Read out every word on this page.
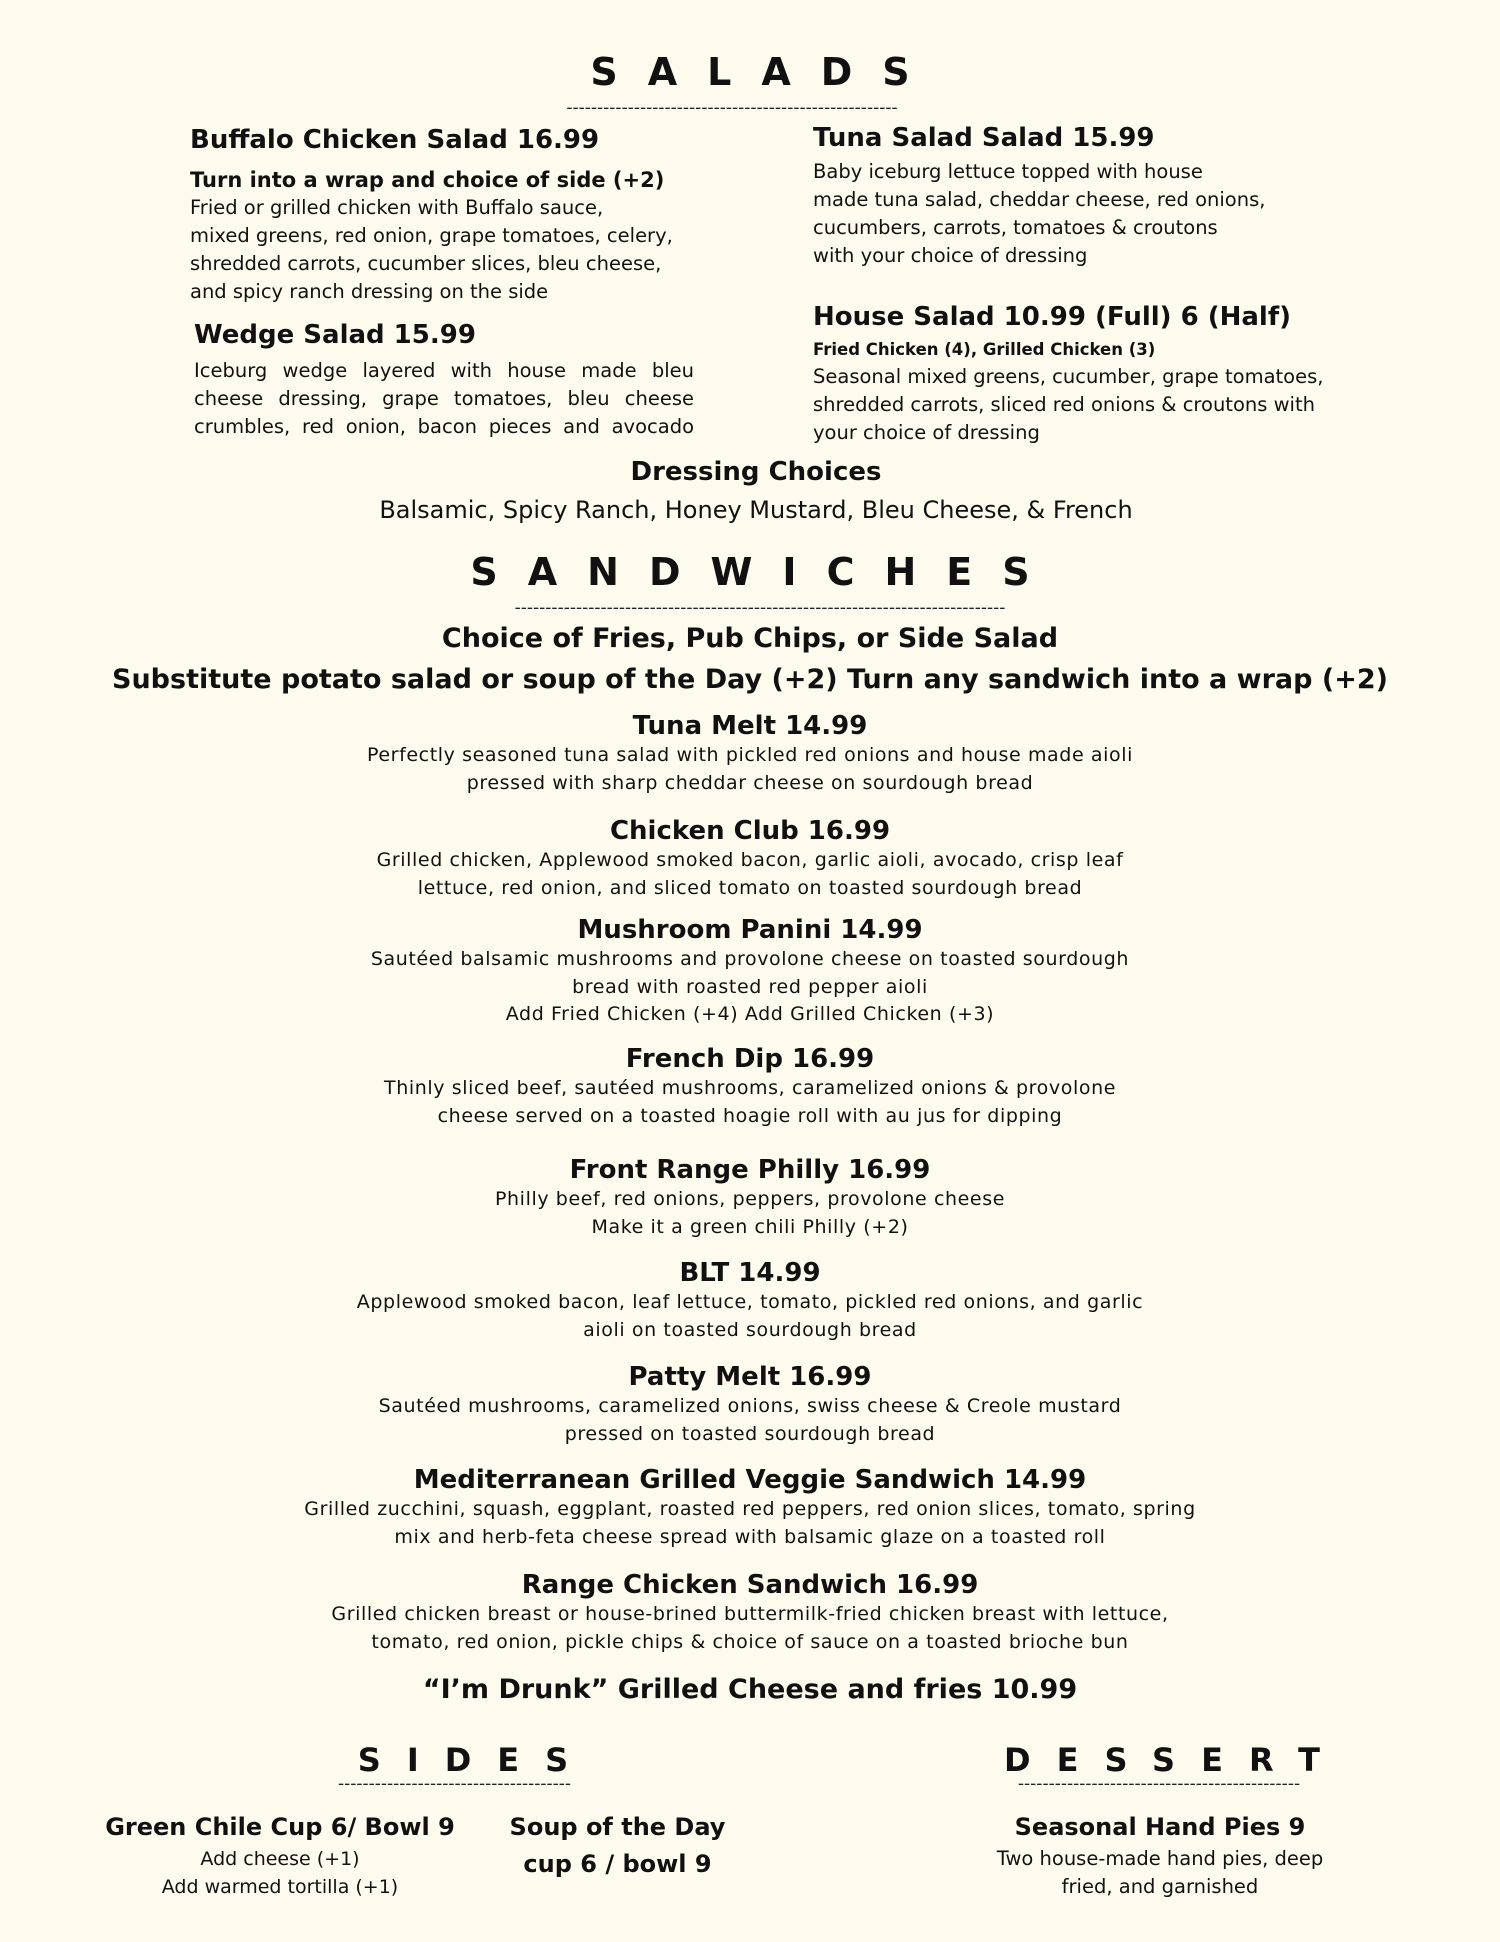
SALADS
------------------------------------------------------
Buffalo Chicken Salad 16.99
Turn into a wrap and choice of side (+2)
Fried or grilled chicken with Buffalo sauce,
mixed greens, red onion, grape tomatoes, celery,
shredded carrots, cucumber slices, bleu cheese,
and spicy ranch dressing on the side
Wedge Salad 15.99
Iceburg wedge layered with house made bleu
cheese dressing, grape tomatoes, bleu cheese
crumbles, red onion, bacon pieces and avocado
Tuna Salad Salad 15.99
Baby iceburg lettuce topped with house
made tuna salad, cheddar cheese, red onions,
cucumbers, carrots, tomatoes & croutons
with your choice of dressing
House Salad 10.99 (Full) 6 (Half)
Fried Chicken (4), Grilled Chicken (3)
Seasonal mixed greens, cucumber, grape tomatoes,
shredded carrots, sliced red onions & croutons with
your choice of dressing
Dressing Choices
Balsamic, Spicy Ranch, Honey Mustard, Bleu Cheese, & French
SANDWICHES
--------------------------------------------------------------------------------
Choice of Fries, Pub Chips, or Side Salad
Substitute potato salad or soup of the Day (+2) Turn any sandwich into a wrap (+2)
Tuna Melt 14.99
Perfectly seasoned tuna salad with pickled red onions and house made aioli
pressed with sharp cheddar cheese on sourdough bread
Chicken Club 16.99
Grilled chicken, Applewood smoked bacon, garlic aioli, avocado, crisp leaf
lettuce, red onion, and sliced tomato on toasted sourdough bread
Mushroom Panini 14.99
Sautéed balsamic mushrooms and provolone cheese on toasted sourdough
bread with roasted red pepper aioli
Add Fried Chicken (+4) Add Grilled Chicken (+3)
French Dip 16.99
Thinly sliced beef, sautéed mushrooms, caramelized onions & provolone
cheese served on a toasted hoagie roll with au jus for dipping
Front Range Philly 16.99
Philly beef, red onions, peppers, provolone cheese
Make it a green chili Philly (+2)
BLT 14.99
Applewood smoked bacon, leaf lettuce, tomato, pickled red onions, and garlic
aioli on toasted sourdough bread
Patty Melt 16.99
Sautéed mushrooms, caramelized onions, swiss cheese & Creole mustard
pressed on toasted sourdough bread
Mediterranean Grilled Veggie Sandwich 14.99
Grilled zucchini, squash, eggplant, roasted red peppers, red onion slices, tomato, spring
mix and herb-feta cheese spread with balsamic glaze on a toasted roll
Range Chicken Sandwich 16.99
Grilled chicken breast or house-brined buttermilk-fried chicken breast with lettuce,
tomato, red onion, pickle chips & choice of sauce on a toasted brioche bun
“I’m Drunk” Grilled Cheese and fries 10.99
SIDES
--------------------------------------
Green Chile Cup 6/ Bowl 9
Add cheese (+1)
Add warmed tortilla (+1)
Soup of the Day
cup 6 / bowl 9
DESSERT
----------------------------------------------
Seasonal Hand Pies 9
Two house-made hand pies, deep
fried, and garnished
